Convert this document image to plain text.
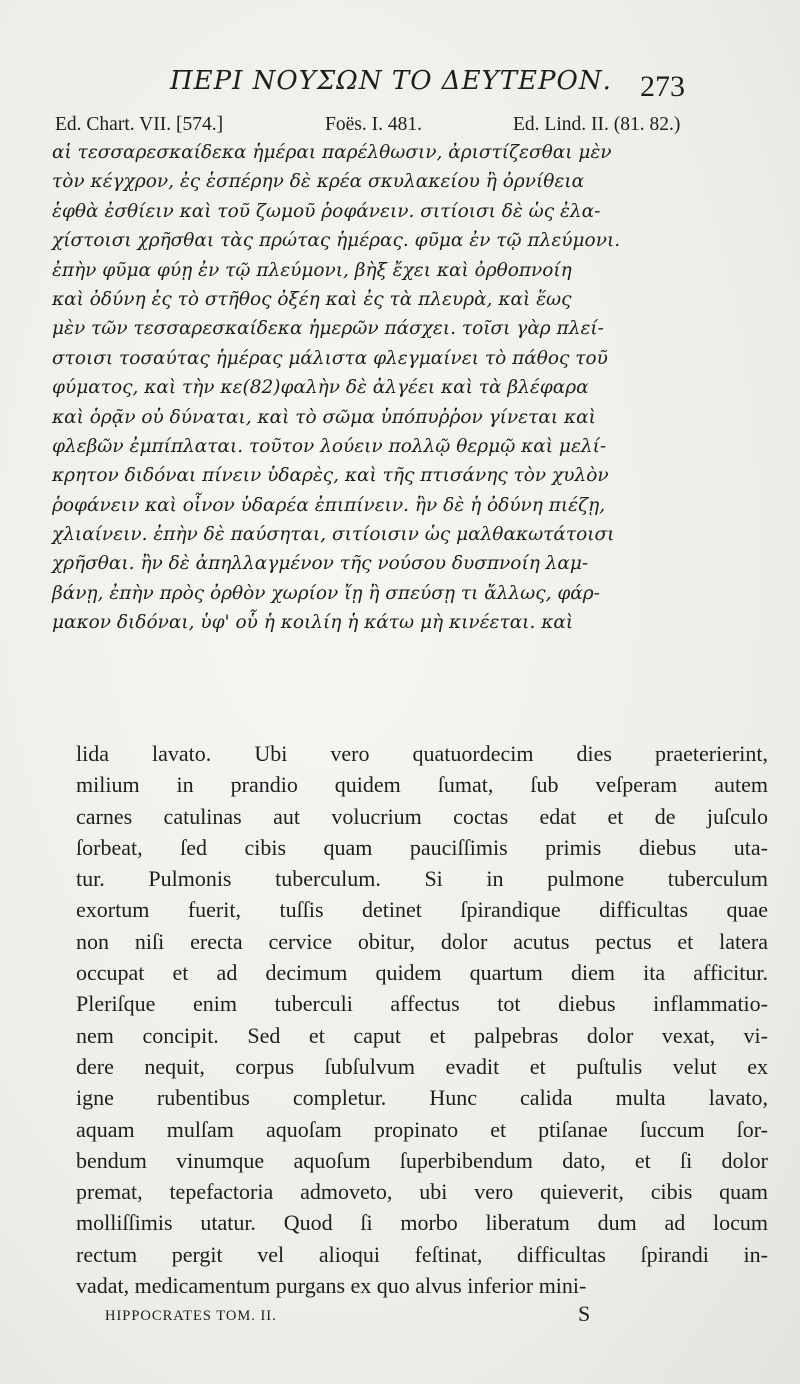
ΠΕΡΙ ΝΟΥΣΩΝ ΤΟ ΔΕΥΤΕΡΟΝ. 273
Ed. Chart. VII. [574.]	Foës. I. 481.	Ed. Lind. II. (81. 82.)
αἱ τεσσαρεσκαίδεκα ἡμέραι παρέλθωσιν, ἀριστίζεσθαι μὲν
τὸν κέγχρον, ἐς ἑσπέρην δὲ κρέα σκυλακείου ἢ ὀρνίθεια
ἑφθὰ ἐσθίειν καὶ τοῦ ζωμοῦ ῥοφάνειν. σιτίοισι δὲ ὡς ἐλα-
χίστοισι χρῆσθαι τὰς πρώτας ἡμέρας. φῦμα ἐν τῷ πλεύμονι.
ἐπὴν φῦμα φύῃ ἐν τῷ πλεύμονι, βὴξ ἔχει καὶ ὀρθοπνοίη
καὶ ὀδύνη ἐς τὸ στῆθος ὀξέη καὶ ἐς τὰ πλευρὰ, καὶ ἕως
μὲν τῶν τεσσαρεσκαίδεκα ἡμερῶν πάσχει. τοῖσι γὰρ πλεί-
στοισι τοσαύτας ἡμέρας μάλιστα φλεγμαίνει τὸ πάθος τοῦ
φύματος, καὶ τὴν κε(82)φαλὴν δὲ ἀλγέει καὶ τὰ βλέφαρα
καὶ ὁρᾷν οὐ δύναται, καὶ τὸ σῶμα ὑπόπυῤῥον γίνεται καὶ
φλεβῶν ἐμπίπλαται. τοῦτον λούειν πολλῷ θερμῷ καὶ μελί-
κρητον διδόναι πίνειν ὑδαρὲς, καὶ τῆς πτισάνης τὸν χυλὸν
ῥοφάνειν καὶ οἶνον ὑδαρέα ἐπιπίνειν. ἢν δὲ ἡ ὀδύνη πιέζῃ,
χλιαίνειν. ἐπὴν δὲ παύσηται, σιτίοισιν ὡς μαλθακωτάτοισι
χρῆσθαι. ἢν δὲ ἀπηλλαγμένον τῆς νούσου δυσπνοίη λαμ-
βάνῃ, ἐπὴν πρὸς ὀρθὸν χωρίον ἴῃ ἢ σπεύσῃ τι ἄλλως, φάρ-
μακον διδόναι, ὑφ' οὗ ἡ κοιλίη ἡ κάτω μὴ κινέεται. καὶ
lida lavato. Ubi vero quatuordecim dies praeterierint,
milium in prandio quidem ſumat, ſub veſperam autem
carnes catulinas aut volucrium coctas edat et de juſculo
ſorbeat, ſed cibis quam pauciſſimis primis diebus uta-
tur. Pulmonis tuberculum. Si in pulmone tuberculum
exortum fuerit, tuſſis detinet ſpirandique difficultas quae
non niſi erecta cervice obitur, dolor acutus pectus et latera
occupat et ad decimum quidem quartum diem ita afficitur.
Pleriſque enim tuberculi affectus tot diebus inflammatio-
nem concipit. Sed et caput et palpebras dolor vexat, vi-
dere nequit, corpus ſubſulvum evadit et puſtulis velut ex
igne rubentibus completur. Hunc calida multa lavato,
aquam mulſam aquoſam propinato et ptiſanae ſuccum ſor-
bendum vinumque aquoſum ſuperbibendum dato, et ſi dolor
premat, tepefactoria admoveto, ubi vero quieverit, cibis quam
molliſſimis utatur. Quod ſi morbo liberatum dum ad locum
rectum pergit vel alioqui feſtinat, difficultas ſpirandi in-
vadat, medicamentum purgans ex quo alvus inferior mini-
HIPPOCRATES TOM. II.	S
